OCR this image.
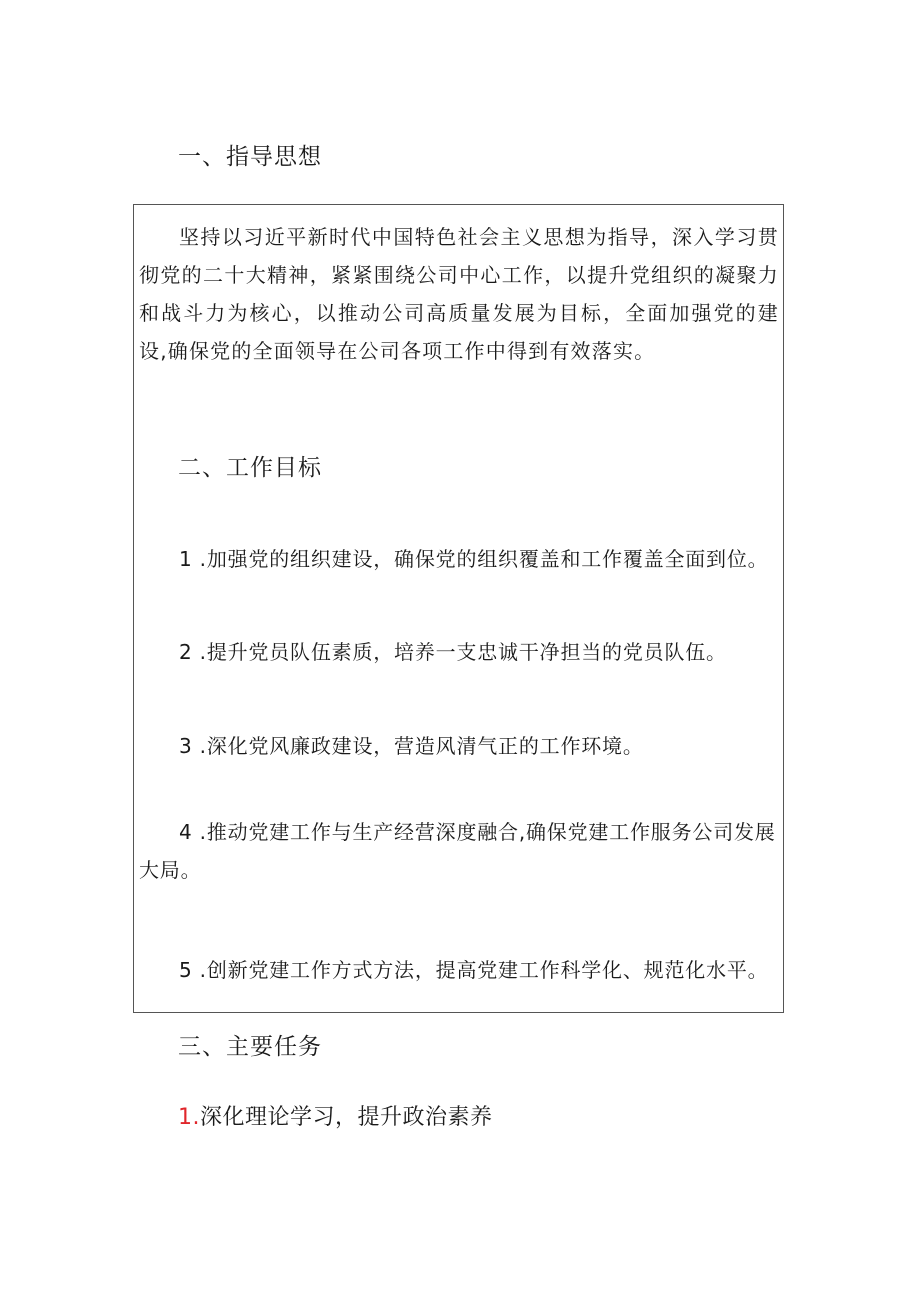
一、指导思想

坚持以习近平新时代中国特色社会主义思想为指导，深入学习贯彻党的二十大精神，紧紧围绕公司中心工作，以提升党组织的凝聚力和战斗力为核心，以推动公司高质量发展为目标，全面加强党的建设,确保党的全面领导在公司各项工作中得到有效落实。

二、工作目标

1 .加强党的组织建设，确保党的组织覆盖和工作覆盖全面到位。

2 .提升党员队伍素质，培养一支忠诚干净担当的党员队伍。

3 .深化党风廉政建设，营造风清气正的工作环境。

4 .推动党建工作与生产经营深度融合,确保党建工作服务公司发展大局。

5 .创新党建工作方式方法，提高党建工作科学化、规范化水平。

三、主要任务
1.深化理论学习，提升政治素养
